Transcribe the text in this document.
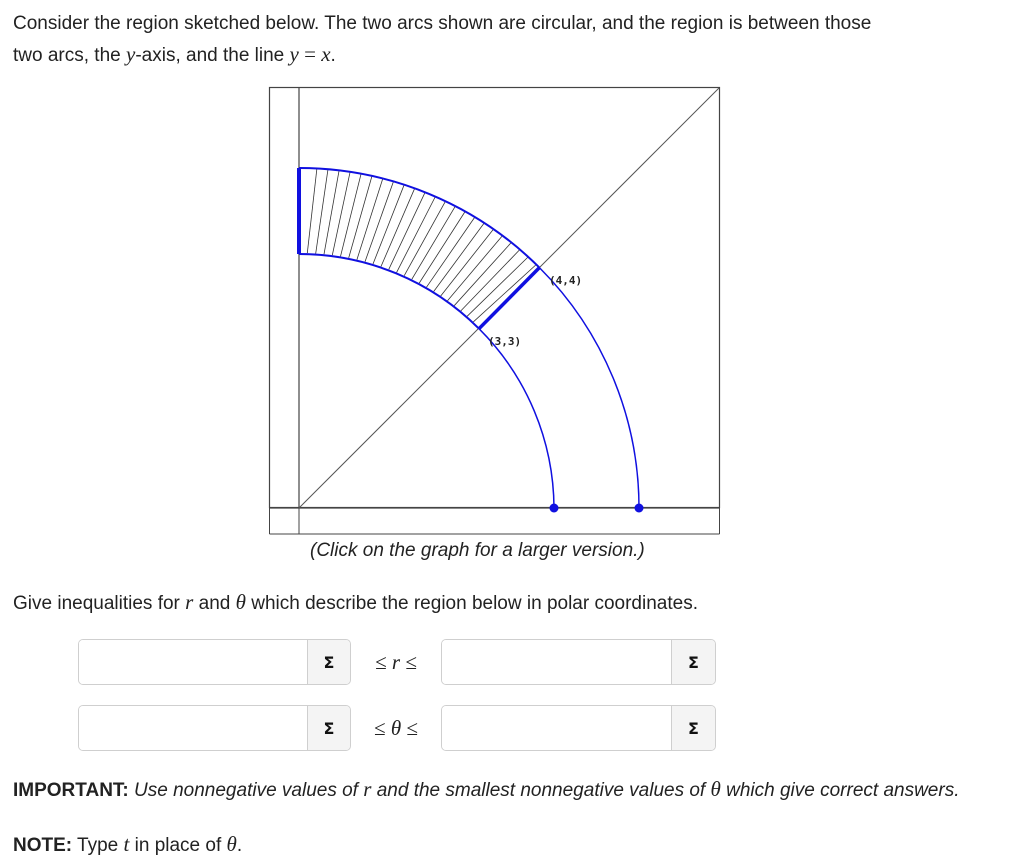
Consider the region sketched below. The two arcs shown are circular, and the region is between those
two arcs, the y-axis, and the line y = x.
(3,3)
(4,4)
(Click on the graph for a larger version.)
Give inequalities for r and θ which describe the region below in polar coordinates.
Σ	≤ r ≤	Σ
Σ	≤ θ ≤	Σ
IMPORTANT: Use nonnegative values of r and the smallest nonnegative values of θ which give correct answers.
NOTE: Type t in place of θ.
